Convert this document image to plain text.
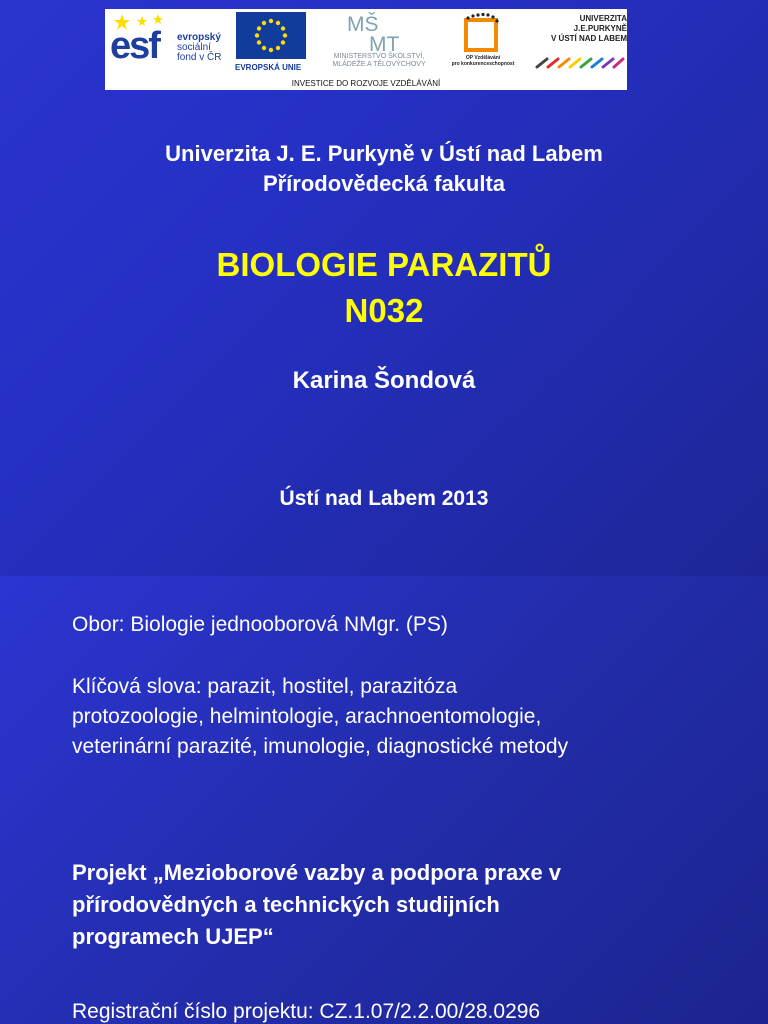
esf evropský
sociální
fond v ČR
EVROPSKÁ UNIE
MŠ
MT
MINISTERSTVO ŠKOLSTVÍ,
MLÁDEŽE A TĚLOVÝCHOVY
OP Vzdělávání
pro konkurenceschopnost
UNIVERZITA
J.E.PURKYNĚ
V ÚSTÍ NAD LABEM
INVESTICE DO ROZVOJE VZDĚLÁVÁNÍ
Univerzita J. E. Purkyně v Ústí nad Labem
Přírodovědecká fakulta
BIOLOGIE PARAZITŮ
N032
Karina Šondová
Ústí nad Labem 2013
Obor: Biologie jednooborová NMgr. (PS)
Klíčová slova: parazit, hostitel, parazitóza
protozoologie, helmintologie, arachnoentomologie,
veterinární parazité, imunologie, diagnostické metody
Projekt „Mezioborové vazby a podpora praxe v
přírodovědných a technických studijních
programech UJEP“
Registrační číslo projektu: CZ.1.07/2.2.00/28.0296
